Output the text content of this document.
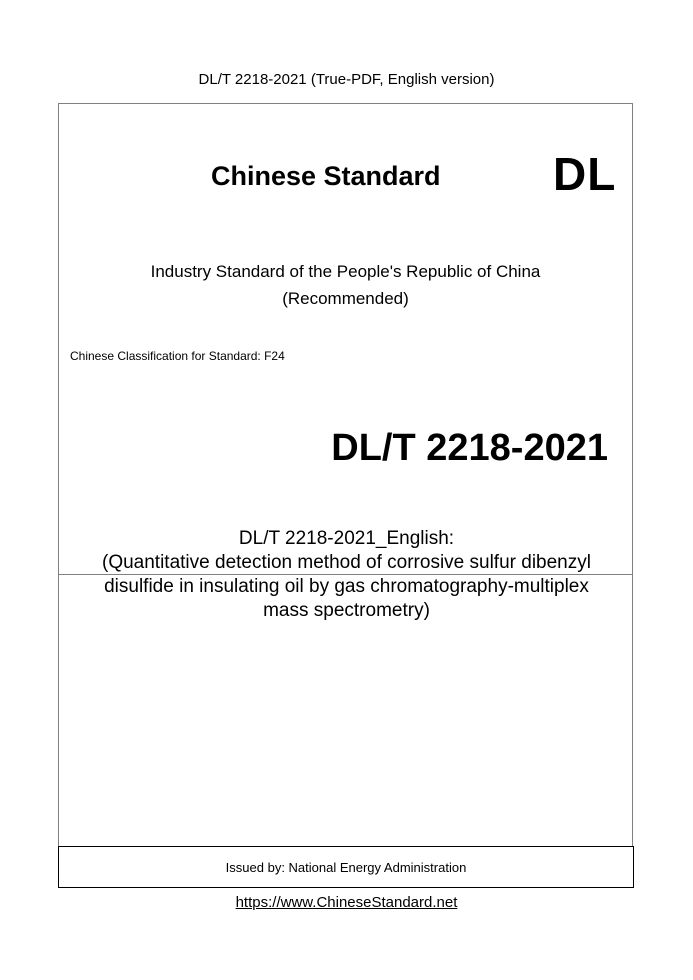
DL/T 2218-2021 (True-PDF, English version)
Chinese Standard DL
Industry Standard of the People's Republic of China
(Recommended)
Chinese Classification for Standard: F24
DL/T 2218-2021
DL/T 2218-2021_English:
(Quantitative detection method of corrosive sulfur dibenzyl
disulfide in insulating oil by gas chromatography-multiplex
mass spectrometry)
Issued by: National Energy Administration
https://www.ChineseStandard.net
